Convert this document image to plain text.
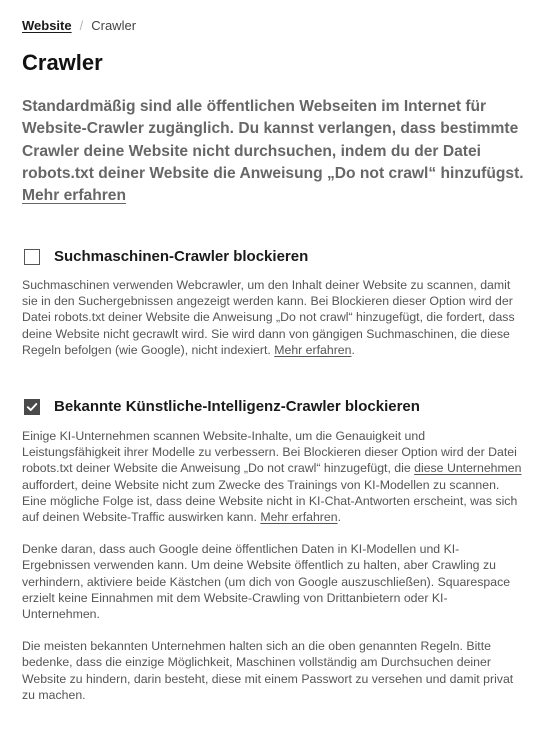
Website / Crawler
Crawler

Standardmäßig sind alle öffentlichen Webseiten im Internet für Website-Crawler zugänglich. Du kannst verlangen, dass bestimmte Crawler deine Website nicht durchsuchen, indem du der Datei robots.txt deiner Website die Anweisung „Do not crawl“ hinzufügst. Mehr erfahren

Suchmaschinen-Crawler blockieren

Suchmaschinen verwenden Webcrawler, um den Inhalt deiner Website zu scannen, damit sie in den Suchergebnissen angezeigt werden kann. Bei Blockieren dieser Option wird der Datei robots.txt deiner Website die Anweisung „Do not crawl“ hinzugefügt, die fordert, dass deine Website nicht gecrawlt wird. Sie wird dann von gängigen Suchmaschinen, die diese Regeln befolgen (wie Google), nicht indexiert. Mehr erfahren.

Bekannte Künstliche-Intelligenz-Crawler blockieren

Einige KI-Unternehmen scannen Website-Inhalte, um die Genauigkeit und Leistungsfähigkeit ihrer Modelle zu verbessern. Bei Blockieren dieser Option wird der Datei robots.txt deiner Website die Anweisung „Do not crawl“ hinzugefügt, die diese Unternehmen auffordert, deine Website nicht zum Zwecke des Trainings von KI-Modellen zu scannen. Eine mögliche Folge ist, dass deine Website nicht in KI-Chat-Antworten erscheint, was sich auf deinen Website-Traffic auswirken kann. Mehr erfahren.

Denke daran, dass auch Google deine öffentlichen Daten in KI-Modellen und KI-Ergebnissen verwenden kann. Um deine Website öffentlich zu halten, aber Crawling zu verhindern, aktiviere beide Kästchen (um dich von Google auszuschließen). Squarespace erzielt keine Einnahmen mit dem Website-Crawling von Drittanbietern oder KI-Unternehmen.

Die meisten bekannten Unternehmen halten sich an die oben genannten Regeln. Bitte bedenke, dass die einzige Möglichkeit, Maschinen vollständig am Durchsuchen deiner Website zu hindern, darin besteht, diese mit einem Passwort zu versehen und damit privat zu machen.
